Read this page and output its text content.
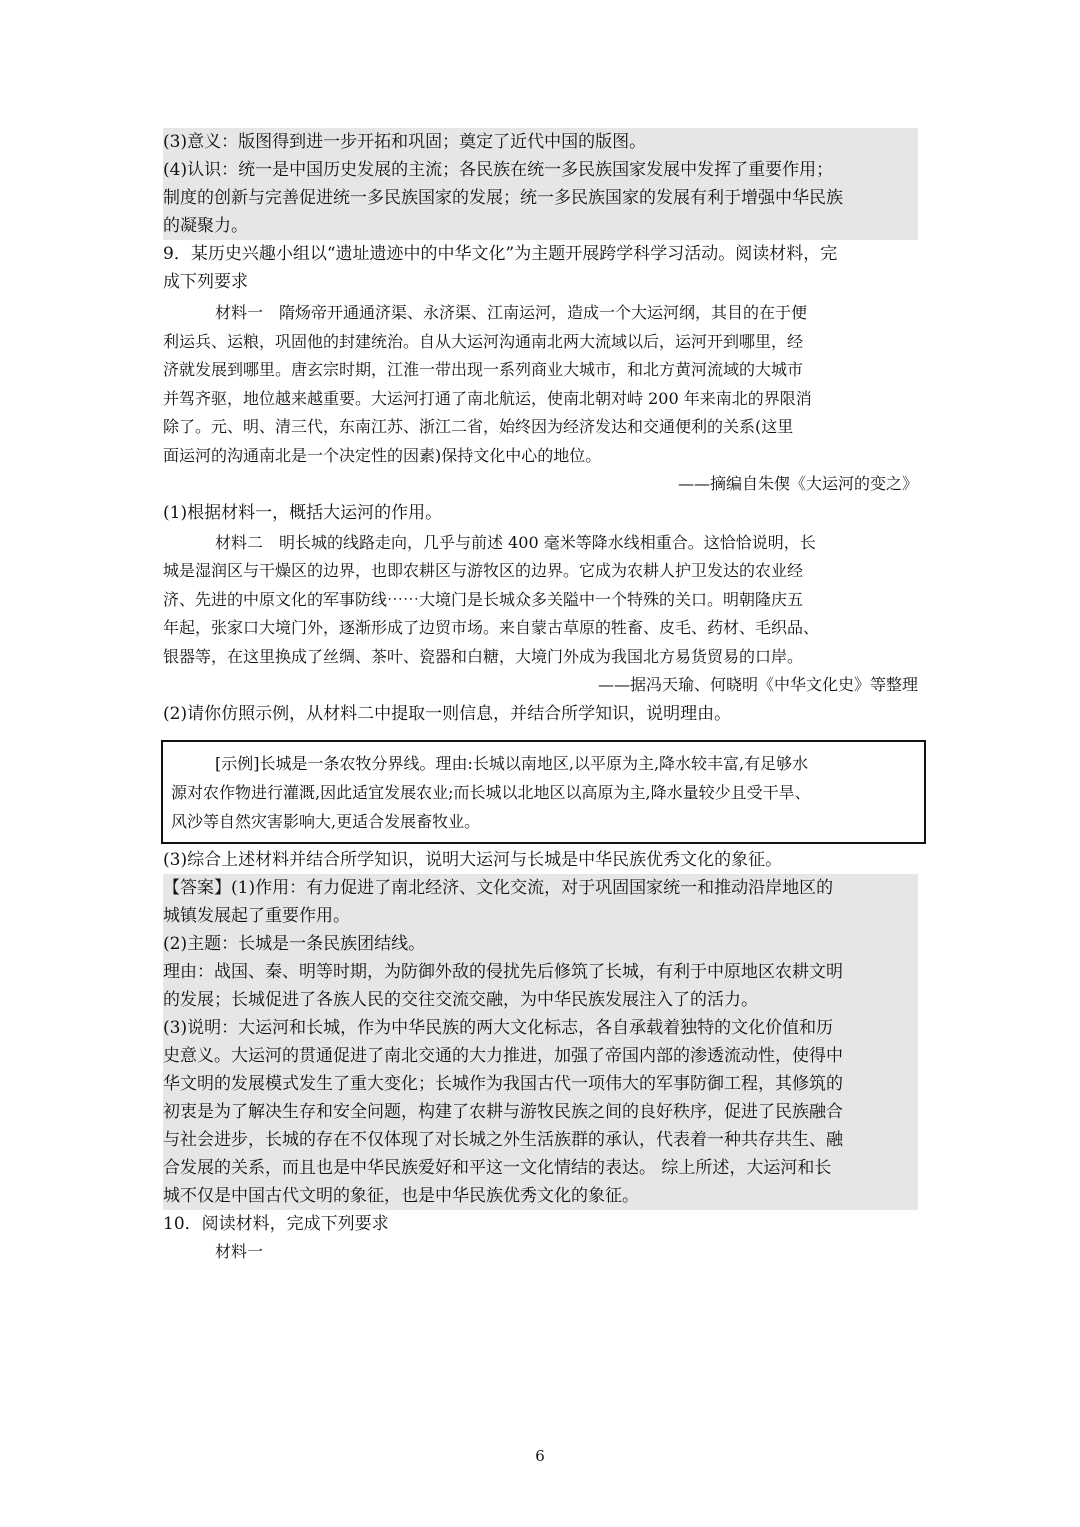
(3)意义：版图得到进一步开拓和巩固；奠定了近代中国的版图。
(4)认识：统一是中国历史发展的主流；各民族在统一多民族国家发展中发挥了重要作用；
制度的创新与完善促进统一多民族国家的发展；统一多民族国家的发展有利于增强中华民族
的凝聚力。
9．某历史兴趣小组以“遗址遗迹中的中华文化”为主题开展跨学科学习活动。阅读材料，完
成下列要求
材料一　隋炀帝开通通济渠、永济渠、江南运河，造成一个大运河纲，其目的在于便
利运兵、运粮，巩固他的封建统治。自从大运河沟通南北两大流域以后，运河开到哪里，经
济就发展到哪里。唐玄宗时期，江淮一带出现一系列商业大城市，和北方黄河流域的大城市
并驾齐驱，地位越来越重要。大运河打通了南北航运，使南北朝对峙 200 年来南北的界限消
除了。元、明、清三代，东南江苏、浙江二省，始终因为经济发达和交通便利的关系(这里
面运河的沟通南北是一个决定性的因素)保持文化中心的地位。
——摘编自朱偰《大运河的变之》
(1)根据材料一，概括大运河的作用。
材料二　明长城的线路走向，几乎与前述 400 毫米等降水线相重合。这恰恰说明，长
城是湿润区与干燥区的边界，也即农耕区与游牧区的边界。它成为农耕人护卫发达的农业经
济、先进的中原文化的军事防线⋯⋯大境门是长城众多关隘中一个特殊的关口。明朝隆庆五
年起，张家口大境门外，逐渐形成了边贸市场。来自蒙古草原的牲畜、皮毛、药材、毛织品、
银器等，在这里换成了丝绸、茶叶、瓷器和白糖，大境门外成为我国北方易货贸易的口岸。
——据冯天瑜、何晓明《中华文化史》等整理
(2)请你仿照示例，从材料二中提取一则信息，并结合所学知识，说明理由。
[示例]长城是一条农牧分界线。理由:长城以南地区,以平原为主,降水较丰富,有足够水
源对农作物进行灌溉,因此适宜发展农业;而长城以北地区以高原为主,降水量较少且受干旱、
风沙等自然灾害影响大,更适合发展畜牧业。
(3)综合上述材料并结合所学知识，说明大运河与长城是中华民族优秀文化的象征。
【答案】(1)作用：有力促进了南北经济、文化交流，对于巩固国家统一和推动沿岸地区的
城镇发展起了重要作用。
(2)主题：长城是一条民族团结线。
理由：战国、秦、明等时期，为防御外敌的侵扰先后修筑了长城，有利于中原地区农耕文明
的发展；长城促进了各族人民的交往交流交融，为中华民族发展注入了的活力。
(3)说明：大运河和长城，作为中华民族的两大文化标志，各自承载着独特的文化价值和历
史意义。大运河的贯通促进了南北交通的大力推进，加强了帝国内部的渗透流动性，使得中
华文明的发展模式发生了重大变化；长城作为我国古代一项伟大的军事防御工程，其修筑的
初衷是为了解决生存和安全问题，构建了农耕与游牧民族之间的良好秩序，促进了民族融合
与社会进步，长城的存在不仅体现了对长城之外生活族群的承认，代表着一种共存共生、融
合发展的关系，而且也是中华民族爱好和平这一文化情结的表达。 综上所述，大运河和长
城不仅是中国古代文明的象征，也是中华民族优秀文化的象征。
10．阅读材料，完成下列要求
材料一
6
